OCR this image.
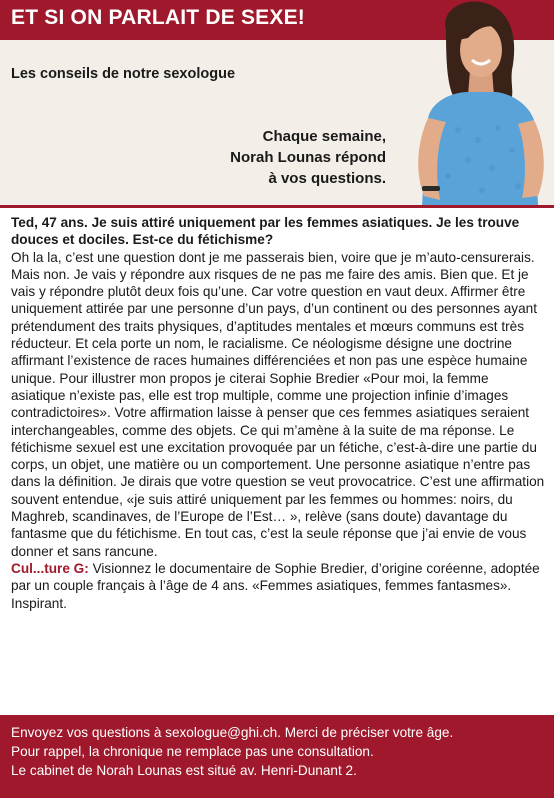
ET SI ON PARLAIT DE SEXE!
Les conseils de notre sexologue
Chaque semaine,
Norah Lounas répond
à vos questions.
Ted, 47 ans. Je suis attiré uniquement par les femmes asiatiques. Je les trouve douces et dociles. Est-ce du fétichisme?

Oh la la, c’est une question dont je me passerais bien, voire que je m’auto-censurerais. Mais non. Je vais y répondre aux risques de ne pas me faire des amis. Bien que. Et je vais y répondre plutôt deux fois qu’une. Car votre question en vaut deux. Affirmer être uniquement attirée par une personne d’un pays, d’un continent ou des personnes ayant prétendument des traits physiques, d’aptitudes mentales et mœurs communs est très réducteur. Et cela porte un nom, le racialisme. Ce néologisme désigne une doctrine affirmant l’existence de races humaines différenciées et non pas une espèce humaine unique. Pour illustrer mon propos je citerai Sophie Bredier «Pour moi, la femme asiatique n’existe pas, elle est trop multiple, comme une projection infinie d’images contradictoires». Votre affirmation laisse à penser que ces femmes asiatiques seraient interchangeables, comme des objets. Ce qui m’amène à la suite de ma réponse. Le fétichisme sexuel est une excitation provoquée par un fétiche, c’est-à-dire une partie du corps, un objet, une matière ou un comportement. Une personne asiatique n’entre pas dans la définition. Je dirais que votre question se veut provocatrice. C’est une affirmation souvent entendue, «je suis attiré uniquement par les femmes ou hommes: noirs, du Maghreb, scandinaves, de l’Europe de l’Est… », relève (sans doute) davantage du fantasme que du fétichisme. En tout cas, c’est la seule réponse que j’ai envie de vous donner et sans rancune.

Cul...ture G: Visionnez le documentaire de Sophie Bredier, d’origine coréenne, adoptée par un couple français à l’âge de 4 ans. «Femmes asiatiques, femmes fantasmes». Inspirant.

Envoyez vos questions à sexologue@ghi.ch. Merci de préciser votre âge.
Pour rappel, la chronique ne remplace pas une consultation.
Le cabinet de Norah Lounas est situé av. Henri-Dunant 2.
